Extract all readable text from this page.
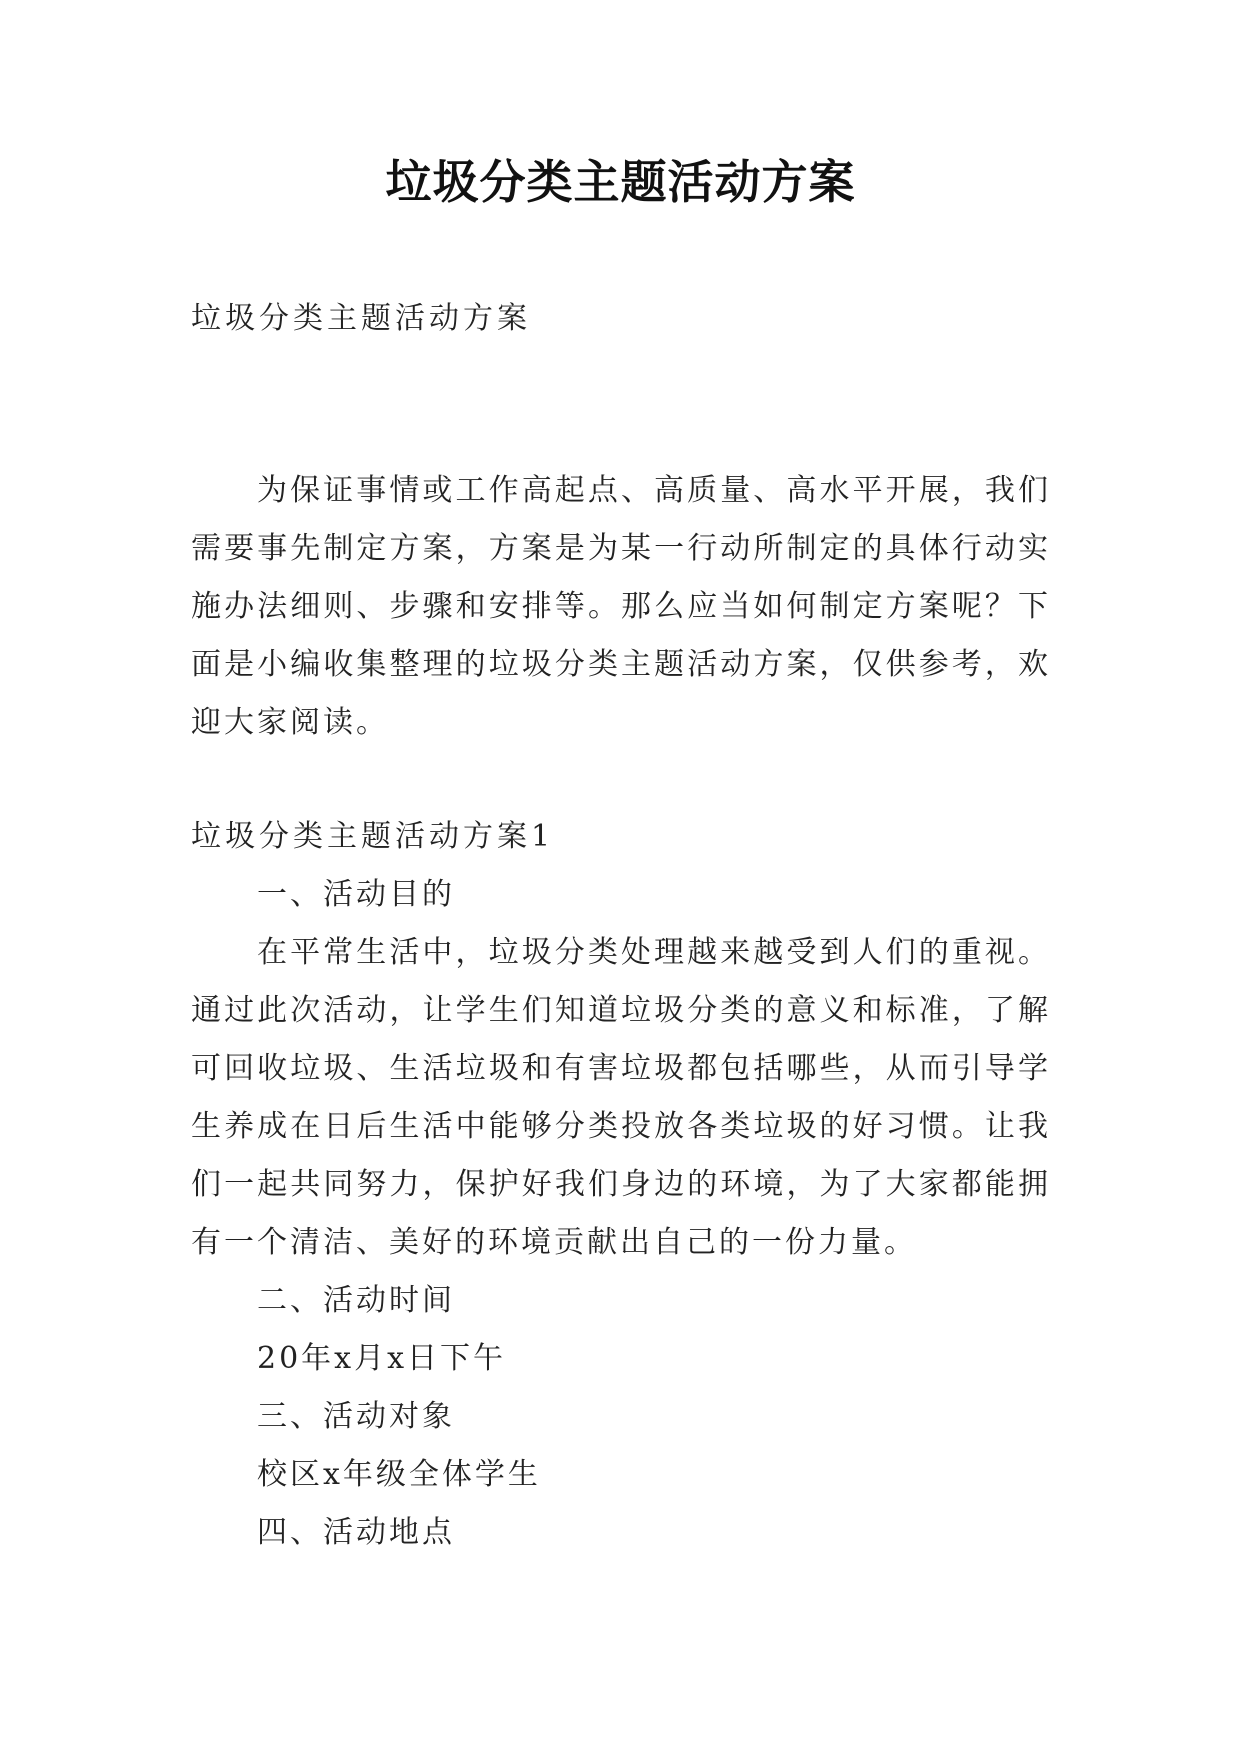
垃圾分类主题活动方案

垃圾分类主题活动方案

为保证事情或工作高起点、高质量、高水平开展，我们需要事先制定方案，方案是为某一行动所制定的具体行动实施办法细则、步骤和安排等。那么应当如何制定方案呢？下面是小编收集整理的垃圾分类主题活动方案，仅供参考，欢迎大家阅读。

垃圾分类主题活动方案1

一、活动目的

在平常生活中，垃圾分类处理越来越受到人们的重视。通过此次活动，让学生们知道垃圾分类的意义和标准，了解可回收垃圾、生活垃圾和有害垃圾都包括哪些，从而引导学生养成在日后生活中能够分类投放各类垃圾的好习惯。让我们一起共同努力，保护好我们身边的环境，为了大家都能拥有一个清洁、美好的环境贡献出自己的一份力量。

二、活动时间

20年x月x日下午

三、活动对象

校区x年级全体学生

四、活动地点
